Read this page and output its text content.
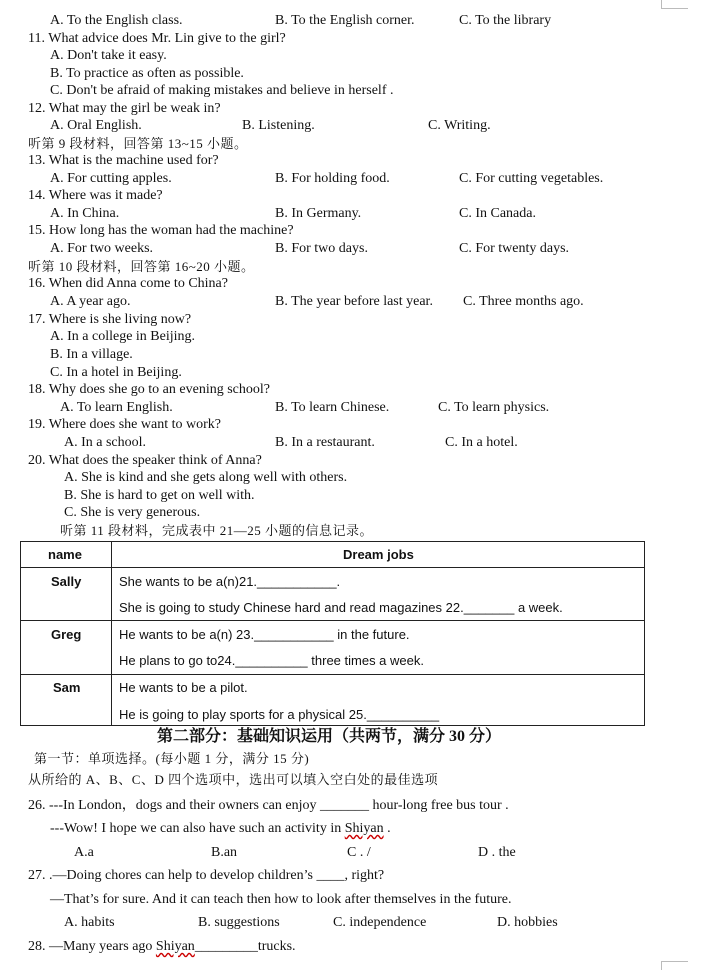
A. To the English class.	B. To the English corner.	C. To the library
11. What advice does Mr. Lin give to the girl?
A. Don't take it easy.
B. To practice as often as possible.
C. Don't be afraid of making mistakes and believe in herself .
12. What may the girl be weak in?
A. Oral English.	B. Listening.	C. Writing.
听第 9 段材料，回答第 13~15 小题。
13. What is the machine used for?
A. For cutting apples.	B. For holding food.	C. For cutting vegetables.
14. Where was it made?
A. In China.	B. In Germany.	C. In Canada.
15. How long has the woman had the machine?
A. For two weeks.	B. For two days.	C. For twenty days.
听第 10 段材料，回答第 16~20 小题。
16. When did Anna come to China?
A. A year ago.	B. The year before last year. C. Three months ago.
17. Where is she living now?
A. In a college in Beijing.
B. In a village.
C. In a hotel in Beijing.
18. Why does she go to an evening school?
A. To learn English.	B. To learn Chinese.	C. To learn physics.
19. Where does she want to work?
A. In a school.	B. In a restaurant.	C. In a hotel.
20. What does the speaker think of Anna?
A. She is kind and she gets along well with others.
B. She is hard to get on well with.
C. She is very generous.
听第 11 段材料，完成表中 21—25 小题的信息记录。
name	Dream jobs
Sally	She wants to be a(n)21.___________.
She is going to study Chinese hard and read magazines 22._______ a week.
Greg	He wants to be a(n) 23.___________ in the future.
He plans to go to24.__________ three times a week.
Sam	He wants to be a pilot.
He is going to play sports for a physical 25.__________
第二部分：基础知识运用（共两节，满分 30 分）
第一节：单项选择。(每小题 1 分，满分 15 分)
从所给的 A、B、C、D 四个选项中，选出可以填入空白处的最佳选项
26. ---In London，dogs and their owners can enjoy _______ hour-long free bus tour .
---Wow! I hope we can also have such an activity in Shiyan .
A.a	B.an	C . /	D . the
27. .—Doing chores can help to develop children’s ____, right?
—That’s for sure. And it can teach then how to look after themselves in the future.
A. habits	B. suggestions	C. independence	D. hobbies
28. —Many years ago Shiyan_________trucks.
